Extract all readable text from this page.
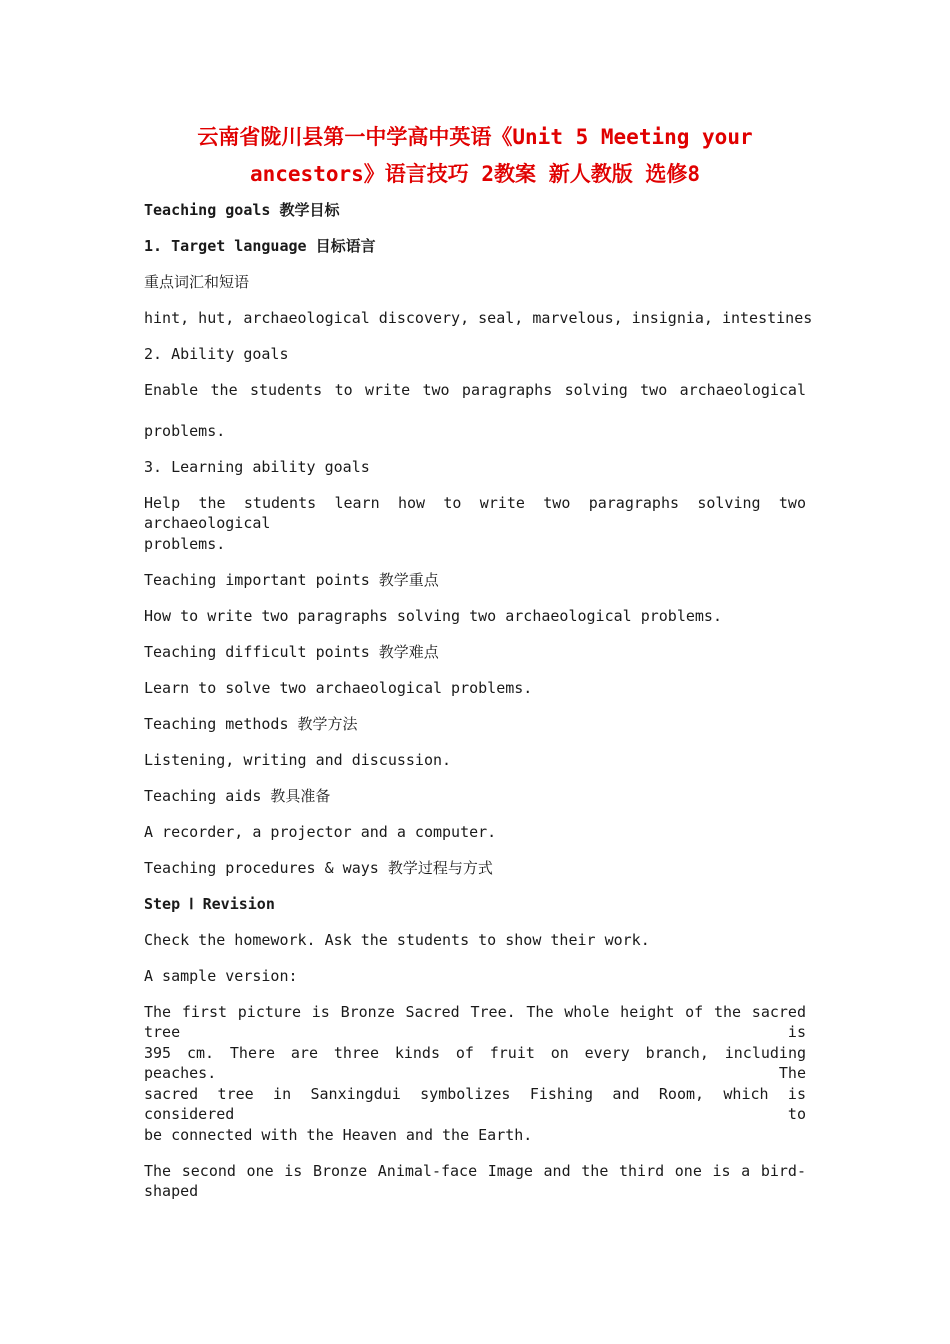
云南省陇川县第一中学高中英语《Unit 5 Meeting your
ancestors》语言技巧 2教案 新人教版 选修8
Teaching goals 教学目标
1. Target language 目标语言
重点词汇和短语
hint, hut, archaeological discovery, seal, marvelous, insignia, intestines
2. Ability goals
Enable the students to write two paragraphs solving two archaeological
problems.
3. Learning ability goals
Help the students learn how to write two paragraphs solving two archaeological
problems.
Teaching important points 教学重点
How to write two paragraphs solving two archaeological problems.
Teaching difficult points 教学难点
Learn to solve two archaeological problems.
Teaching methods 教学方法
Listening, writing and discussion.
Teaching aids 教具准备
A recorder, a projector and a computer.
Teaching procedures & ways 教学过程与方式
Step Ⅰ Revision
Check the homework. Ask the students to show their work.
A sample version:
The first picture is Bronze Sacred Tree. The whole height of the sacred tree is
395 cm. There are three kinds of fruit on every branch, including peaches. The
sacred tree in Sanxingdui symbolizes Fishing and Room, which is considered to
be connected with the Heaven and the Earth.
The second one is Bronze Animal-face Image and the third one is a bird-shaped
